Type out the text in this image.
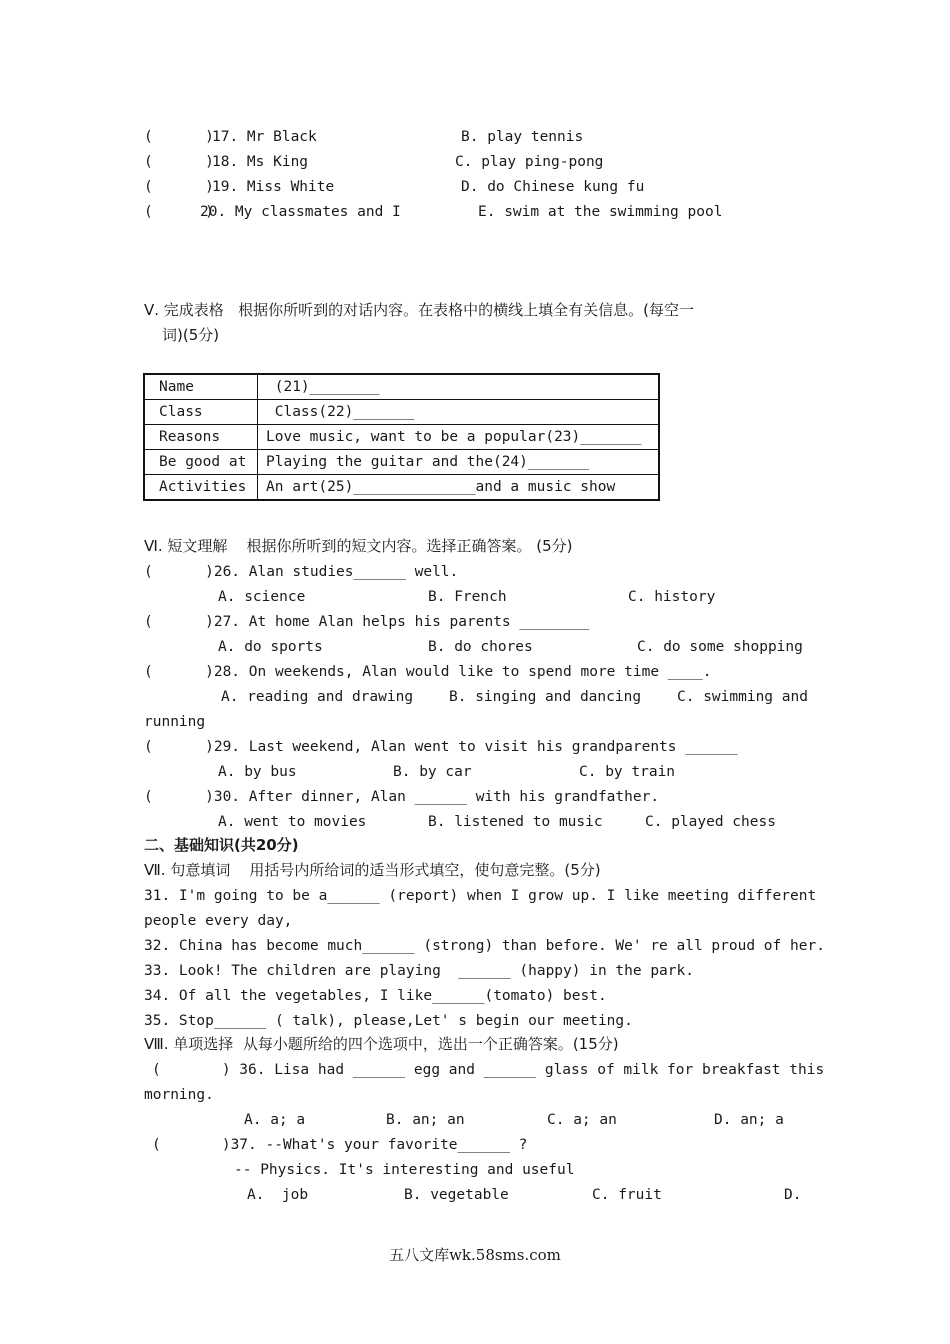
(      )
17. Mr Black	B. play tennis
(      )
18. Ms King	C. play ping-pong
(      )
19. Miss White	D. do Chinese kung fu
(      )
20. My classmates and I	E. swim at the swimming pool
Ⅴ. 完成表格   根据你所听到的对话内容。在表格中的横线上填全有关信息。(每空一
词)(5分)
Name	(21)________
Class	Class(22)_______
Reasons	Love music, want to be a popular(23)_______
Be good at	Playing the guitar and the(24)_______
Activities	An art(25)______________and a music show
Ⅵ. 短文理解    根据你所听到的短文内容。选择正确答案。 (5分)
(      )26. Alan studies______ well.
A. science	B. French	C. history
(      )27. At home Alan helps his parents ________
A. do sports	B. do chores	C. do some shopping
(      )28. On weekends, Alan would like to spend more time ____.
A. reading and drawing B. singing and dancing C. swimming and
running
(      )29. Last weekend, Alan went to visit his grandparents ______
A. by bus	B. by car	C. by train
(      )30. After dinner, Alan ______ with his grandfather.
A. went to movies	B. listened to music	C. played chess
二、基础知识(共20分)
Ⅶ. 句意填词    用括号内所给词的适当形式填空，使句意完整。(5分)
31. I'm going to be a______ (report) when I grow up. I like meeting different
people every day,
32. China has become much______ (strong) than before. We' re all proud of her.
33. Look! The children are playing  ______ (happy) in the park.
34. Of all the vegetables, I like______(tomato) best.
35. Stop______ ( talk), please,Let' s begin our meeting.
Ⅷ. 单项选择  从每小题所给的四个选项中，选出一个正确答案。(15分)
(       ) 36. Lisa had ______ egg and ______ glass of milk for breakfast this
morning.
A. a; a	B. an; an	C. a; an	D. an; a
(       )37. --What's your favorite______ ?
-- Physics. It's interesting and useful
A.  job	B. vegetable	C. fruit	D.
五八文库wk.58sms.com
